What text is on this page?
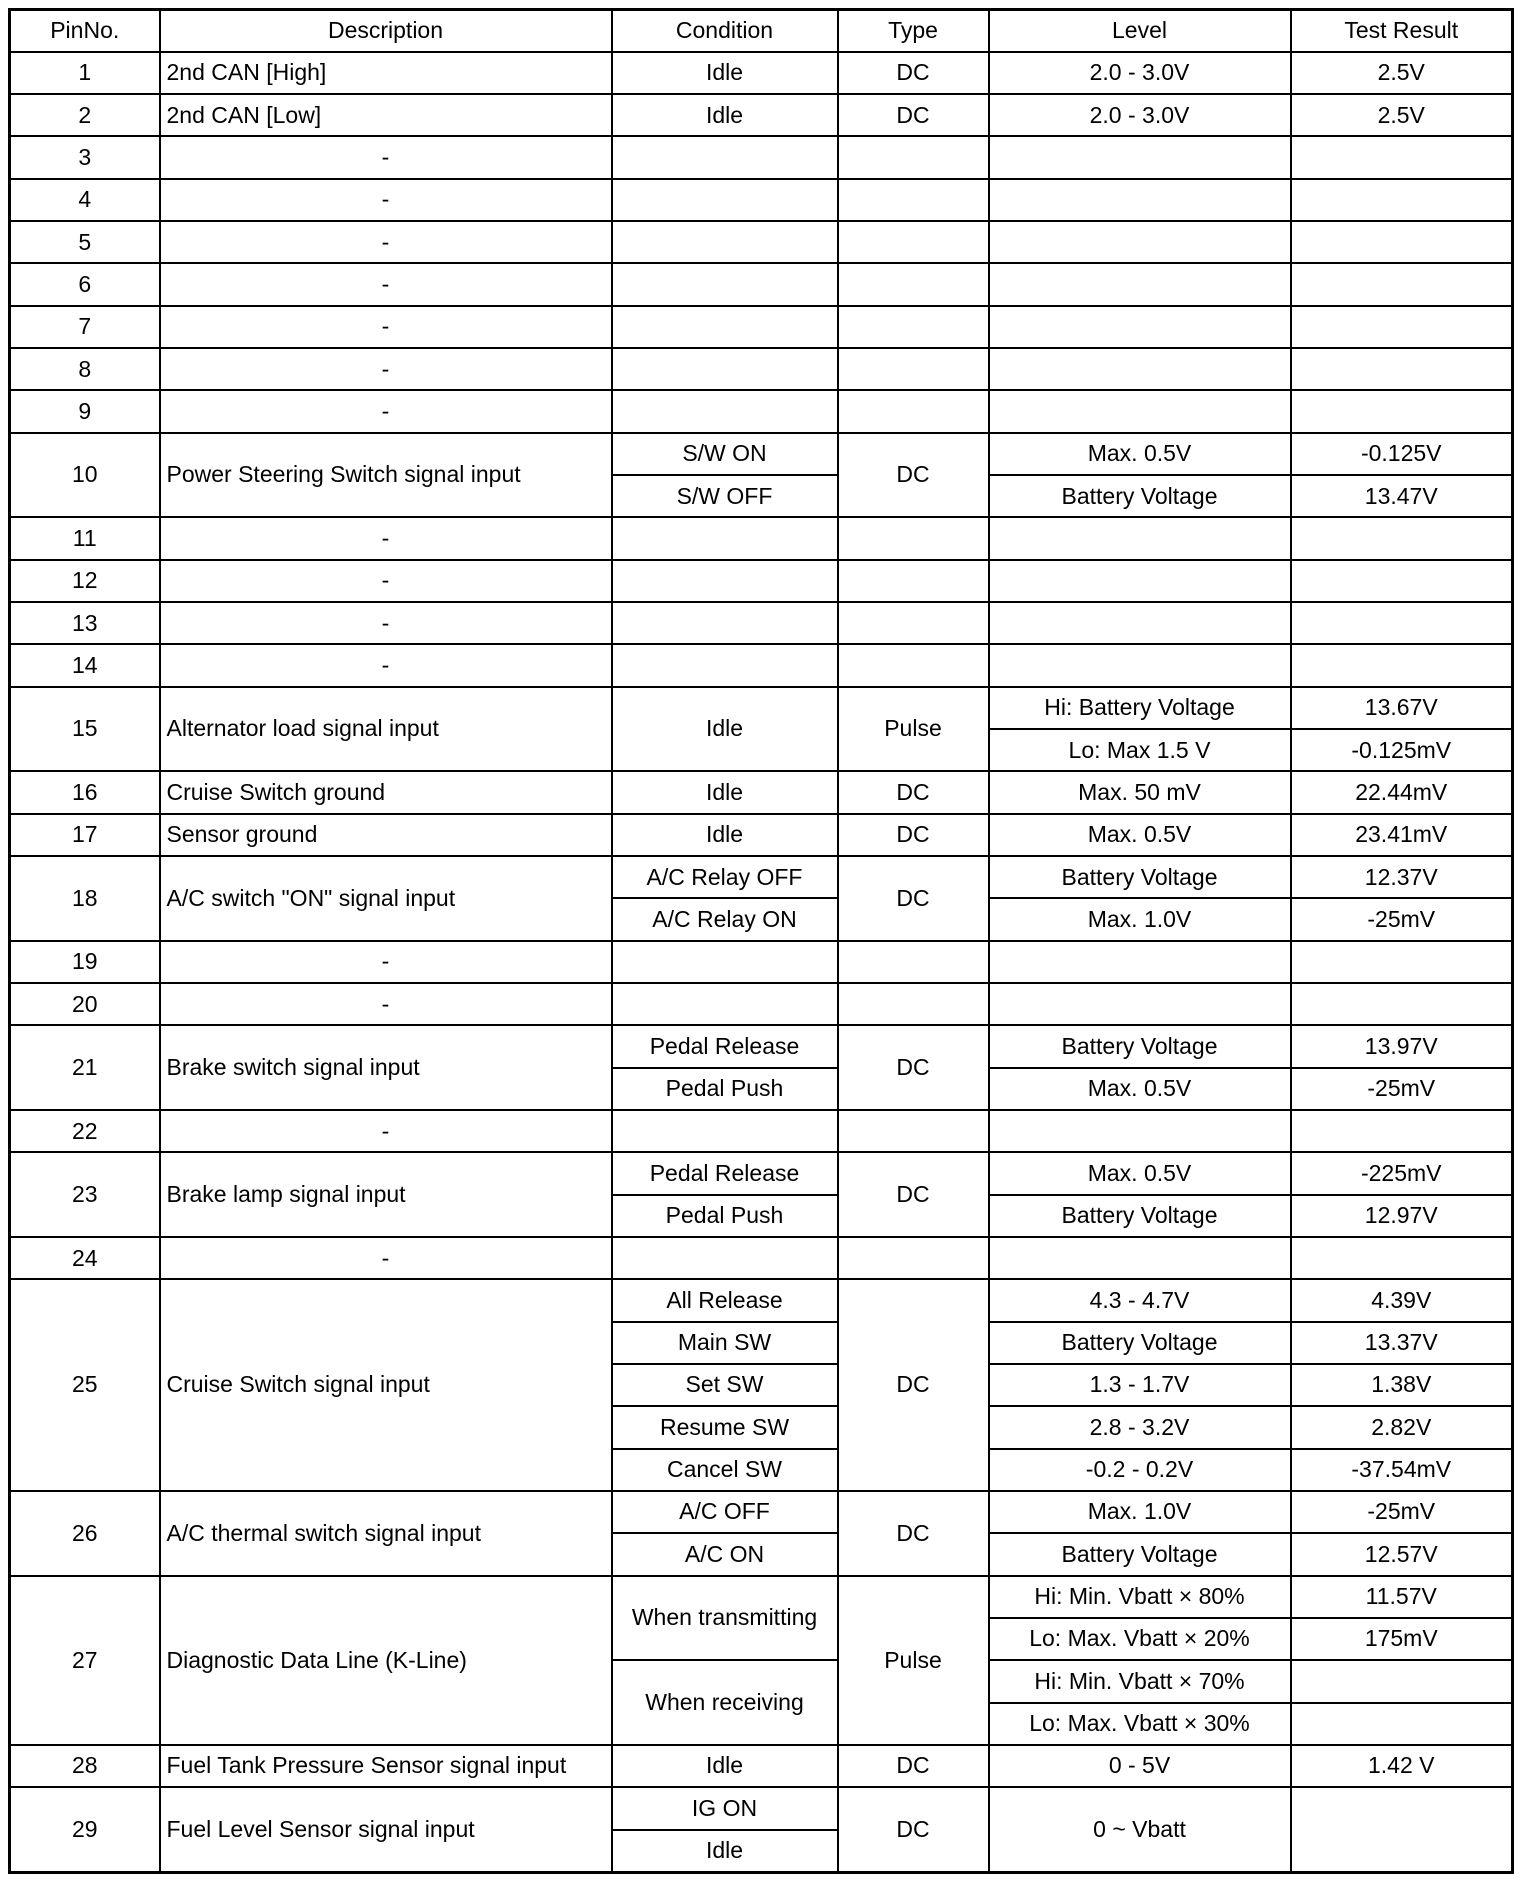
PinNo.	Description	Condition	Type	Level	Test Result
1	2nd CAN [High]	Idle	DC	2.0 - 3.0V	2.5V
2	2nd CAN [Low]	Idle	DC	2.0 - 3.0V	2.5V
3	-				
4	-				
5	-				
6	-				
7	-				
8	-				
9	-				
10	Power Steering Switch signal input	S/W ON	DC	Max. 0.5V	-0.125V
		S/W OFF		Battery Voltage	13.47V
11	-				
12	-				
13	-				
14	-				
15	Alternator load signal input	Idle	Pulse	Hi: Battery Voltage	13.67V
				Lo: Max 1.5 V	-0.125mV
16	Cruise Switch ground	Idle	DC	Max. 50 mV	22.44mV
17	Sensor ground	Idle	DC	Max. 0.5V	23.41mV
18	A/C switch "ON" signal input	A/C Relay OFF	DC	Battery Voltage	12.37V
		A/C Relay ON		Max. 1.0V	-25mV
19	-				
20	-				
21	Brake switch signal input	Pedal Release	DC	Battery Voltage	13.97V
		Pedal Push		Max. 0.5V	-25mV
22	-				
23	Brake lamp signal input	Pedal Release	DC	Max. 0.5V	-225mV
		Pedal Push		Battery Voltage	12.97V
24	-				
25	Cruise Switch signal input	All Release	DC	4.3 - 4.7V	4.39V
		Main SW		Battery Voltage	13.37V
		Set SW		1.3 - 1.7V	1.38V
		Resume SW		2.8 - 3.2V	2.82V
		Cancel SW		-0.2 - 0.2V	-37.54mV
26	A/C thermal switch signal input	A/C OFF	DC	Max. 1.0V	-25mV
		A/C ON		Battery Voltage	12.57V
27	Diagnostic Data Line (K-Line)	When transmitting	Pulse	Hi: Min. Vbatt × 80%	11.57V
				Lo: Max. Vbatt × 20%	175mV
		When receiving		Hi: Min. Vbatt × 70%	
				Lo: Max. Vbatt × 30%	
28	Fuel Tank Pressure Sensor signal input	Idle	DC	0 - 5V	1.42 V
29	Fuel Level Sensor signal input	IG ON	DC	0 ~ Vbatt	
		Idle			
